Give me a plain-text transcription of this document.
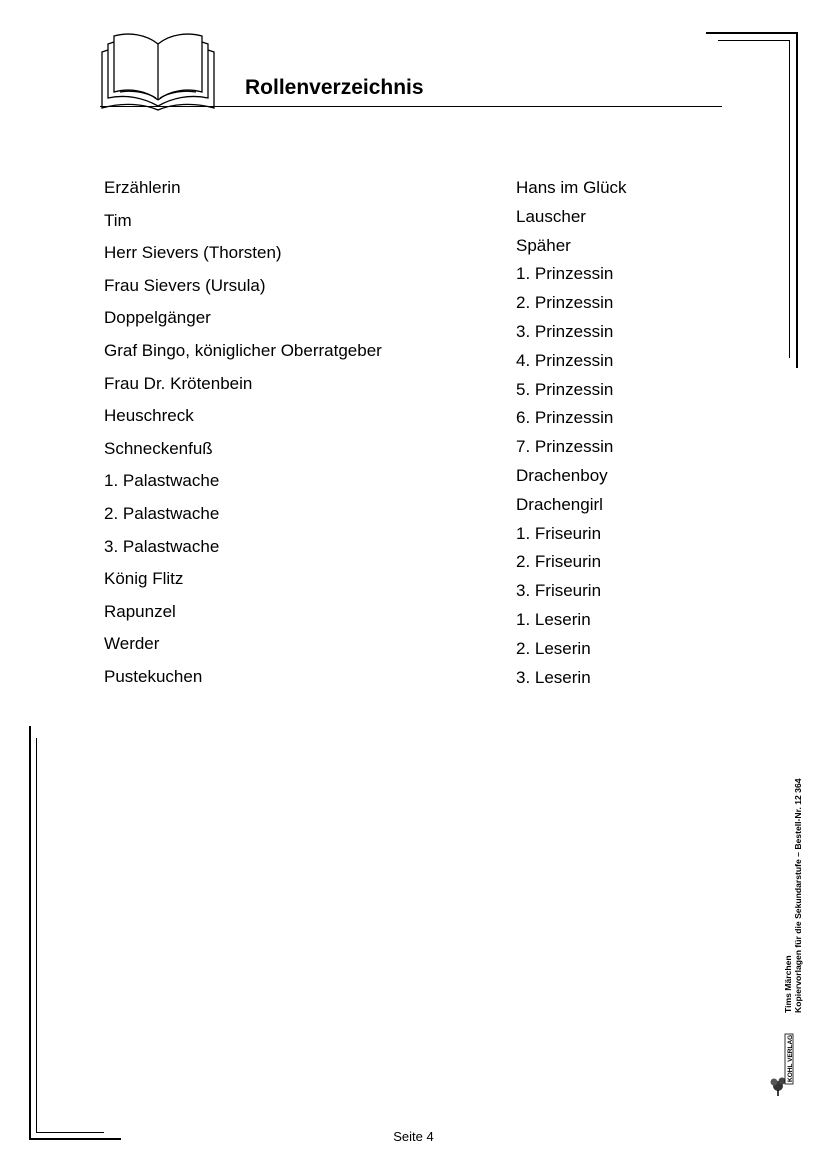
Rollenverzeichnis
Erzählerin
Tim
Herr Sievers (Thorsten)
Frau Sievers (Ursula)
Doppelgänger
Graf Bingo, königlicher Oberratgeber
Frau Dr. Krötenbein
Heuschreck
Schneckenfuß
1. Palastwache
2. Palastwache
3. Palastwache
König Flitz
Rapunzel
Werder
Pustekuchen
Hans im Glück
Lauscher
Späher
1. Prinzessin
2. Prinzessin
3. Prinzessin
4. Prinzessin
5. Prinzessin
6. Prinzessin
7. Prinzessin
Drachenboy
Drachengirl
1. Friseurin
2. Friseurin
3. Friseurin
1. Leserin
2. Leserin
3. Leserin
Tims Märchen Kopiervorlagen für die Sekundarstufe – Bestell-Nr. 12 364
KOHL VERLAG
Seite 4
